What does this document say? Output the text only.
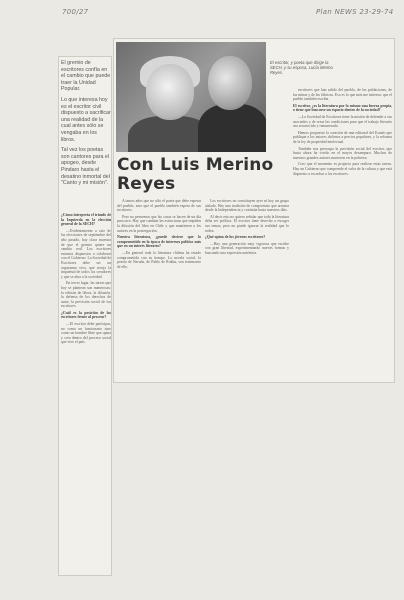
700/27	Plan NEWS 23-29-74

El gremio de escritores confía en el cambio que puede traer la Unidad Popular.

Lo que interesa hoy es el escritor civil dispuesto a sacrificar una realidad de la cual antes sólo se vengaba en los libros.

Tal vez los poetas son cantores para el apogeo, desde Pindaro hasta el desatino inmortal del "Canto y mi misión".

El escritor, y poeta que dirige la SECH, y su esposa, Lucía Merino Reyes.
Con Luis Merino Reyes

¿Cómo interpreta el triunfo de la Izquierda en la elección general de la SECH?

—Evidentemente a raíz de las elecciones de septiembre del año pasado, hay clara muestra de que el gremio quiere un cambio real. Los escritores estamos dispuestos a colaborar con el Gobierno. La Sociedad de Escritores debe ser un organismo vivo, que recoja la inquietud de todos los creadores y que se abra a la sociedad.

En tercer lugar, las tareas que hoy se plantean son numerosas: la edición de libros, la difusión, la defensa de los derechos de autor, la previsión social de los escritores.

¿Cuál es la posición de los escritores frente al proceso?

—El escritor debe participar, no como un funcionario sino como un hombre libre que opina y crea dentro del proceso social que vive el país.

A tantos años que no sólo el poeta que debe esperar del pueblo, sino que el pueblo también espera de sus escritores.

Pero no pensemos que las cosas se hacen de un día para otro. Hay que cambiar las estructuras que impiden la difusión del libro en Chile y que mantienen a los autores en la postergación.

Nuestra literatura, ¿puede decirse que lo comprometido en la época de intereses político más que en un interés literario?

—En general toda la literatura chilena ha estado comprometida con su tiempo. La novela social, la poesía de Neruda, de Pablo de Rokha, son testimonio de ello.

Los escritores no constituyen ayer ni hoy un grupo aislado. Hay una tradición de compromiso que arranca desde la Independencia y continúa hasta nuestros días.

Al decir esto no quiero señalar que toda la literatura deba ser política. El escritor tiene derecho a escoger sus temas, pero no puede ignorar la realidad que lo rodea.

¿Qué opina de los jóvenes escritores?

—Hay una generación muy vigorosa que escribe con gran libertad, experimentando nuevas formas y buscando una expresión auténtica.

escritores que han salido del pueblo, de las poblaciones, de las minas y de las fábricas. Eso es lo que más me interesa: que el pueblo también escriba.

El escritor, ¿es la literatura por lo mismo una fuerza propia, o tiene que buscarse un espacio dentro de la sociedad?

—La Sociedad de Escritores tiene la misión de defender a sus asociados y de crear las condiciones para que el trabajo literario sea reconocido y remunerado.

Hemos propuesto la creación de una editorial del Estado que publique a los autores chilenos a precios populares, y la reforma de la ley de propiedad intelectual.

También nos preocupa la previsión social del escritor, que hasta ahora ha vivido en el mayor desamparo. Muchos de nuestros grandes autores murieron en la pobreza.

Creo que el momento es propicio para realizar estas tareas. Hay un Gobierno que comprende el valor de la cultura y que está dispuesto a escuchar a los escritores.
